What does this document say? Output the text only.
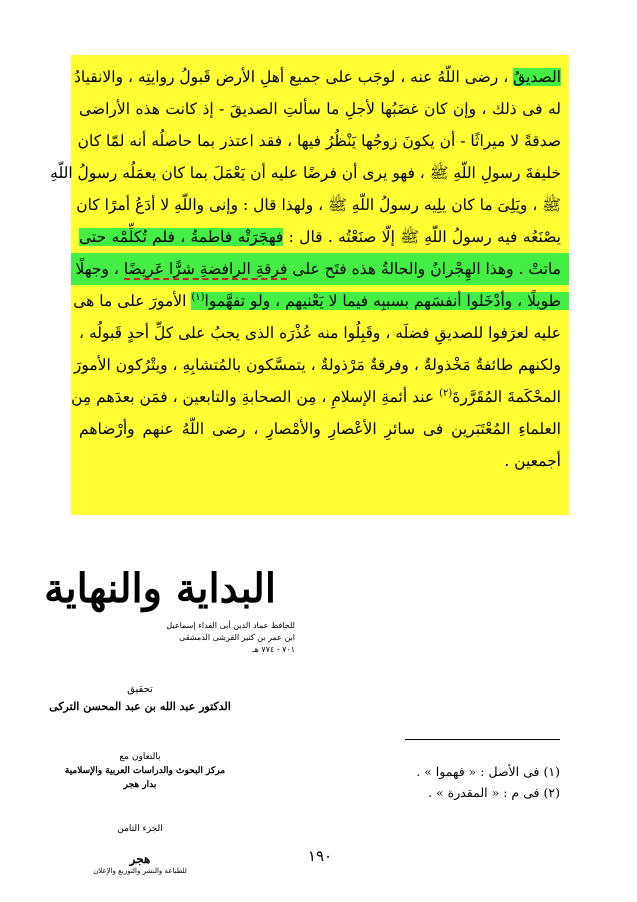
الصديقُ ، رضى اللّهُ عنه ، لوجَب على جميع أهلِ الأرض قَبولُ روايتِه ، والانقيادُ
له فى ذلك ، وإن كان غضَبُها لأجلِ ما سألتِ الصديقَ - إذ كانت هذه الأراضى
صدقةً لا ميراثًا - أن يكونَ زوجُها يَنْظُرُ فيها ، فقد اعتذر بما حاصلُه أنه لمّا كان
خليفةَ رسولِ اللّهِ ﷺ ، فهو يرى أن فرضًا عليه أن يَعْمَلَ بما كان يعمَلُه رسولُ اللّهِ
ﷺ ، ويَلِىَ ما كان يلِيه رسولُ اللّهِ ﷺ ، ولهذا قال : وإنى واللّهِ لا أدَعُ أمرًا كان
يصْنَعُه فيه رسولُ اللّهِ ﷺ إلّا صنَعْتُه . قال : فهجَرَتْه فاطمةُ ، فلم تُكلِّمْه حتى
ماتتْ . وهذا الهِجْرانُ والحالةُ هذه فتَح على فرقةِ الرافضةِ شرًّا عَريضًا ، وجهلًا
طويلًا ، وأدْخَلوا أنفسَهم بسببِه فيما لا يَعْنيهم ، ولو تفهَّموا$^{(١)}$ الأمورَ على ما هى
عليه لعرَفوا للصديقِ فضلَه ، وقَبِلُوا منه عُذْرَه الذى يجبُ على كلِّ أحدٍ قَبولُه ،
ولكنهم طائفةٌ مَخْذولةٌ ، وفرقةٌ مَرْذولةٌ ، يتمسَّكون بالمُتشابِهِ ، ويتْرُكون الأمورَ
المحْكَمةَ المُقَرَّرةَ$^{(٢)}$ عند أئمةِ الإسلامِ ، مِن الصحابةِ والتابعين ، فمَن بعدَهم مِن
العلماءِ المُعْتَبَرين فى سائرِ الأعْصارِ والأمْصارِ ، رضى اللّهُ عنهم وأرْضاهم
أجمعين .
البداية والنهاية
للحافظ عماد الدين أبى الفداء إسماعيل
ابن عمر بن كثير القرشى الدمشقى
٧٠١ - ٧٧٤ هـ
تحقيق
الدكتور عبد الله بن عبد المحسن التركى
بالتعاون مع
مركز البحوث والدراسات العربية والإسلامية
بدار هجر
الجزء الثامن
هجر
للطباعة والنشر والتوزيع والإعلان
(١) فى الأصل : « فهموا » .
(٢) فى م : « المقدرة » .
١٩٠
